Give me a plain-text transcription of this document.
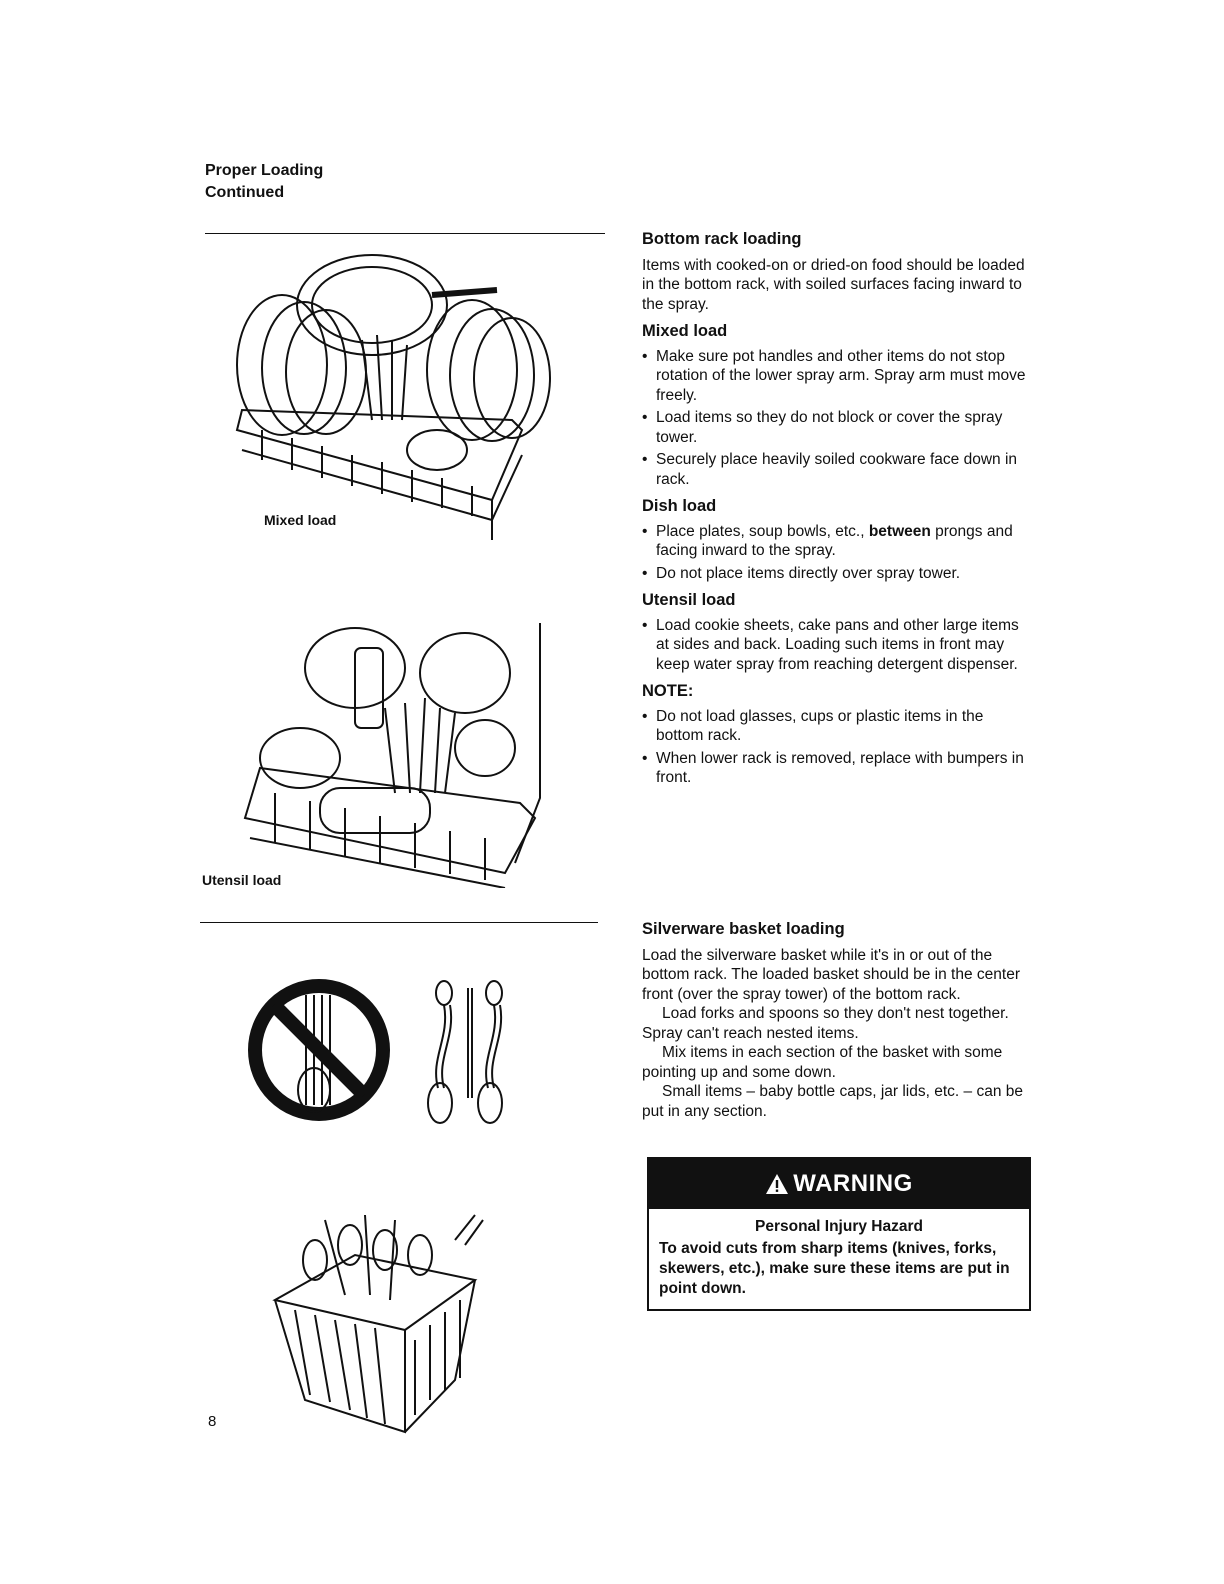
Proper Loading
Continued
Mixed load
Utensil load
8
Bottom rack loading

Items with cooked-on or dried-on food should be loaded in the bottom rack, with soiled surfaces facing inward to the spray.

Mixed load
• Make sure pot handles and other items do not stop rotation of the lower spray arm. Spray arm must move freely.
• Load items so they do not block or cover the spray tower.
• Securely place heavily soiled cookware face down in rack.
Dish load
• Place plates, soup bowls, etc., between prongs and facing inward to the spray.
• Do not place items directly over spray tower.
Utensil load
• Load cookie sheets, cake pans and other large items at sides and back. Loading such items in front may keep water spray from reaching detergent dispenser.
NOTE:
• Do not load glasses, cups or plastic items in the bottom rack.
• When lower rack is removed, replace with bumpers in front.
Silverware basket loading

Load the silverware basket while it's in or out of the bottom rack. The loaded basket should be in the center front (over the spray tower) of the bottom rack.

Load forks and spoons so they don't nest together. Spray can't reach nested items.

Mix items in each section of the basket with some pointing up and some down.

Small items – baby bottle caps, jar lids, etc. – can be put in any section.

WARNING
Personal Injury Hazard
To avoid cuts from sharp items (knives, forks, skewers, etc.), make sure these items are put in point down.
